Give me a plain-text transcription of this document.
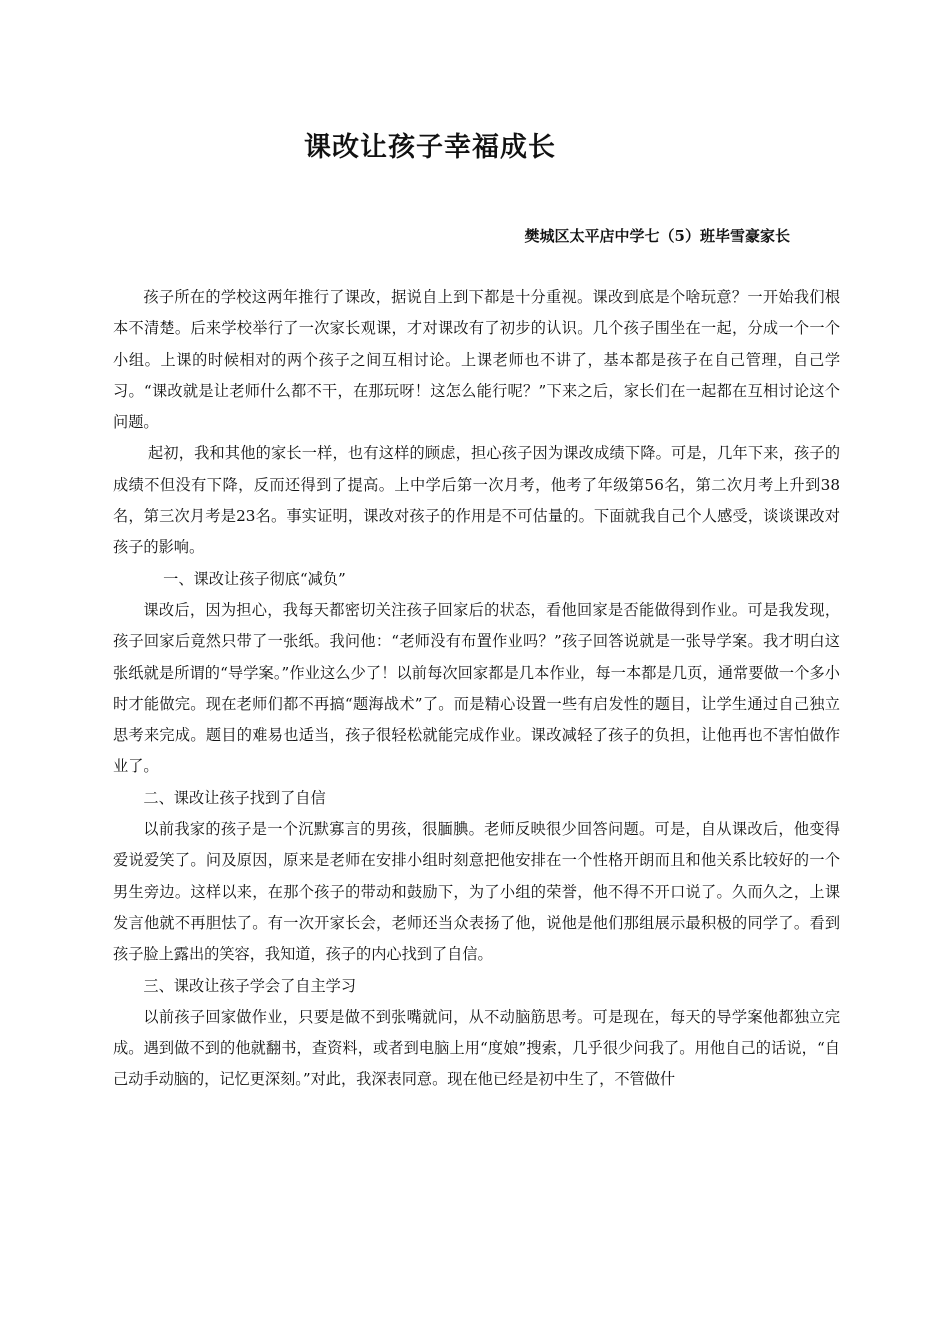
课改让孩子幸福成长

樊城区太平店中学七（5）班毕雪豪家长

孩子所在的学校这两年推行了课改，据说自上到下都是十分重视。课改到底是个啥玩意？一开始我们根本不清楚。后来学校举行了一次家长观课，才对课改有了初步的认识。几个孩子围坐在一起，分成一个一个小组。上课的时候相对的两个孩子之间互相讨论。上课老师也不讲了，基本都是孩子在自己管理，自己学习。“课改就是让老师什么都不干，在那玩呀！这怎么能行呢？”下来之后，家长们在一起都在互相讨论这个问题。

起初，我和其他的家长一样，也有这样的顾虑，担心孩子因为课改成绩下降。可是，几年下来，孩子的成绩不但没有下降，反而还得到了提高。上中学后第一次月考，他考了年级第56名，第二次月考上升到38名，第三次月考是23名。事实证明，课改对孩子的作用是不可估量的。下面就我自己个人感受，谈谈课改对孩子的影响。

一、课改让孩子彻底“减负”

课改后，因为担心，我每天都密切关注孩子回家后的状态，看他回家是否能做得到作业。可是我发现，孩子回家后竟然只带了一张纸。我问他：“老师没有布置作业吗？”孩子回答说就是一张导学案。我才明白这张纸就是所谓的“导学案。”作业这么少了！以前每次回家都是几本作业，每一本都是几页，通常要做一个多小时才能做完。现在老师们都不再搞“题海战术”了。而是精心设置一些有启发性的题目，让学生通过自己独立思考来完成。题目的难易也适当，孩子很轻松就能完成作业。课改减轻了孩子的负担，让他再也不害怕做作业了。

二、课改让孩子找到了自信

以前我家的孩子是一个沉默寡言的男孩，很腼腆。老师反映很少回答问题。可是，自从课改后，他变得爱说爱笑了。问及原因，原来是老师在安排小组时刻意把他安排在一个性格开朗而且和他关系比较好的一个男生旁边。这样以来，在那个孩子的带动和鼓励下，为了小组的荣誉，他不得不开口说了。久而久之，上课发言他就不再胆怯了。有一次开家长会，老师还当众表扬了他，说他是他们那组展示最积极的同学了。看到孩子脸上露出的笑容，我知道，孩子的内心找到了自信。

三、课改让孩子学会了自主学习

以前孩子回家做作业，只要是做不到张嘴就问，从不动脑筋思考。可是现在，每天的导学案他都独立完成。遇到做不到的他就翻书，查资料，或者到电脑上用“度娘”搜索，几乎很少问我了。用他自己的话说，“自己动手动脑的，记忆更深刻。”对此，我深表同意。现在他已经是初中生了，不管做什
